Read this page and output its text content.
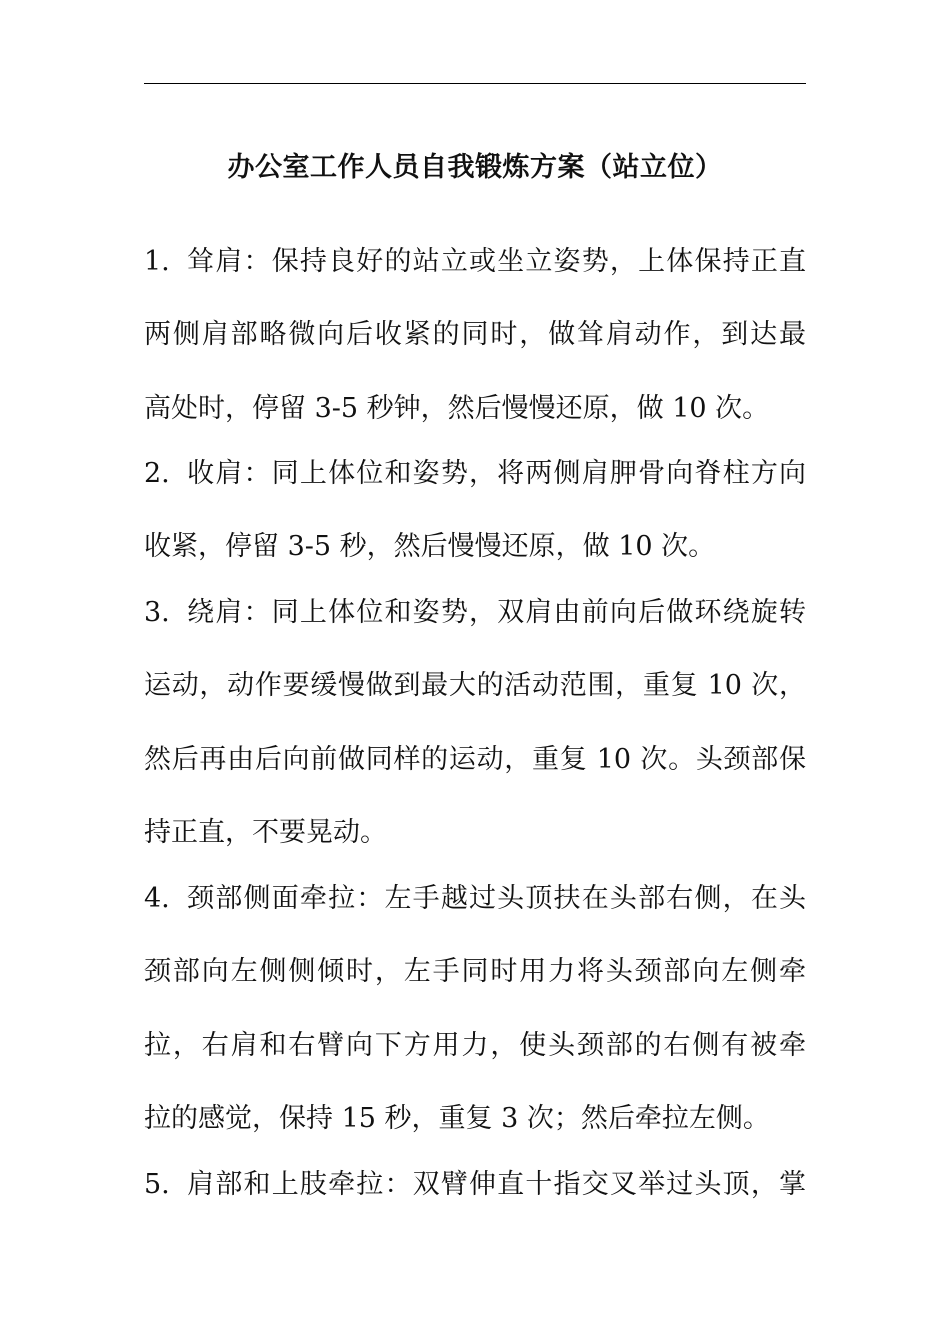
办公室工作人员自我锻炼方案（站立位）
1. 耸肩：保持良好的站立或坐立姿势，上体保持正直
两侧肩部略微向后收紧的同时，做耸肩动作，到达最
高处时，停留 3-5 秒钟，然后慢慢还原，做 10 次。
2. 收肩：同上体位和姿势，将两侧肩胛骨向脊柱方向
收紧，停留 3-5 秒，然后慢慢还原，做 10 次。
3. 绕肩：同上体位和姿势，双肩由前向后做环绕旋转
运动，动作要缓慢做到最大的活动范围，重复 10 次，
然后再由后向前做同样的运动，重复 10 次。头颈部保
持正直，不要晃动。
4. 颈部侧面牵拉：左手越过头顶扶在头部右侧，在头
颈部向左侧侧倾时，左手同时用力将头颈部向左侧牵
拉，右肩和右臂向下方用力，使头颈部的右侧有被牵
拉的感觉，保持 15 秒，重复 3 次；然后牵拉左侧。
5. 肩部和上肢牵拉：双臂伸直十指交叉举过头顶，掌
